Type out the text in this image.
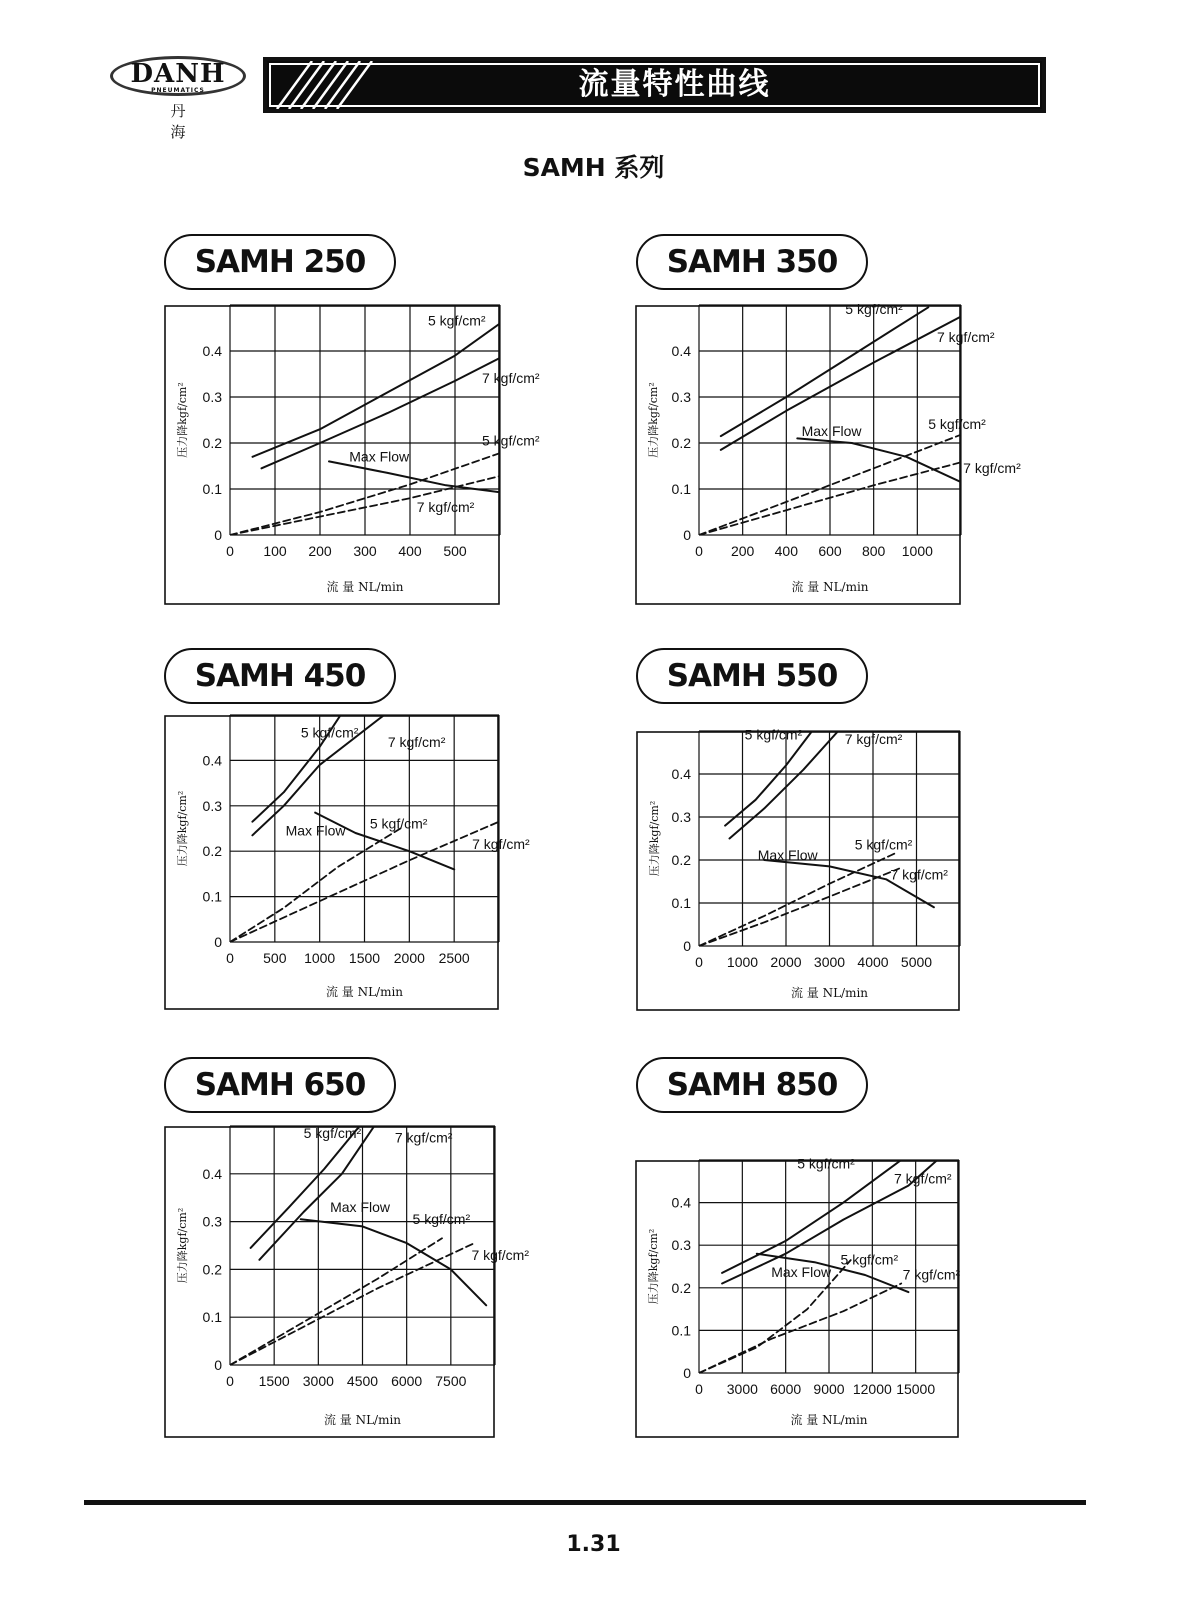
DANH
PNEUMATICS
丹 海
流量特性曲线
SAMH 系列
SAMH 250	SAMH 350
SAMH 450	SAMH 550
SAMH 650	SAMH 850
0 100 200 300 400 500
0
0.1
0.2
0.3
0.4
流 量 NL/min
压力降kgf/cm²
5 kgf/cm²
7 kgf/cm²
5 kgf/cm²
7 kgf/cm²
Max Flow
0 200 400 600 800 1000
0
0.1
0.2
0.3
0.4
流 量 NL/min
压力降kgf/cm²
5 kgf/cm²
7 kgf/cm²
5 kgf/cm²
7 kgf/cm²
Max Flow
0 500 1000 1500 2000 2500
0
0.1
0.2
0.3
0.4
流 量 NL/min
压力降kgf/cm²
5 kgf/cm²
7 kgf/cm²
5 kgf/cm²
7 kgf/cm²
Max Flow
0 1000 2000 3000 4000 5000
0
0.1
0.2
0.3
0.4
流 量 NL/min
压力降kgf/cm²
5 kgf/cm²	7 kgf/cm²
5 kgf/cm²
7 kgf/cm²
Max Flow
0 1500 3000 4500 6000 7500
0
0.1
0.2
0.3
0.4
流 量 NL/min
压力降kgf/cm²
5 kgf/cm² 7 kgf/cm²
5 kgf/cm²
7 kgf/cm²
Max Flow
0 3000 6000 9000 12000 15000
0
0.1
0.2
0.3
0.4
流 量 NL/min
压力降kgf/cm²
5 kgf/cm²
7 kgf/cm²
5 kgf/cm²
7 kgf/cm²
Max Flow
1.31
